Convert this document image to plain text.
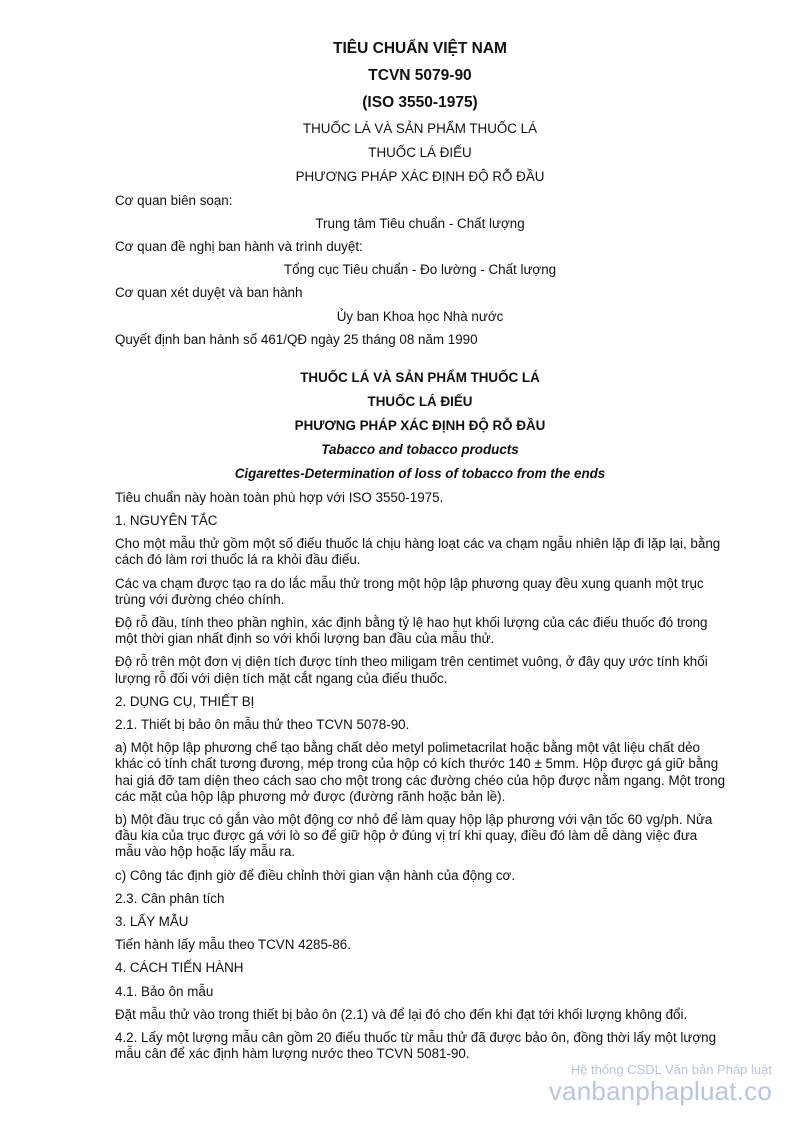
TIÊU CHUẨN VIỆT NAM
TCVN 5079-90
(ISO 3550-1975)
THUỐC LÁ VÀ SẢN PHẨM THUỐC LÁ
THUỐC LÁ ĐIẾU
PHƯƠNG PHÁP XÁC ĐỊNH ĐỘ RỖ ĐẦU

Cơ quan biên soạn:

Trung tâm Tiêu chuẩn - Chất lượng

Cơ quan đề nghị ban hành và trình duyệt:

Tổng cục Tiêu chuẩn - Đo lường - Chất lượng

Cơ quan xét duyệt và ban hành

Ủy ban Khoa học Nhà nước

Quyết định ban hành số 461/QĐ ngày 25 tháng 08 năm 1990

THUỐC LÁ VÀ SẢN PHẨM THUỐC LÁ
THUỐC LÁ ĐIẾU
PHƯƠNG PHÁP XÁC ĐỊNH ĐỘ RỖ ĐẦU
Tabacco and tobacco products
Cigarettes-Determination of loss of tobacco from the ends

Tiêu chuẩn này hoàn toàn phù hợp với ISO 3550-1975.

1. NGUYÊN TẮC

Cho một mẫu thử gồm một số điếu thuốc lá chịu hàng loạt các va chạm ngẫu nhiên lặp đi lặp lại, bằng cách đó làm rơi thuốc lá ra khỏi đầu điếu.

Các va chạm được tạo ra do lắc mẫu thử trong một hộp lập phương quay đều xung quanh một trục trùng với đường chéo chính.

Độ rỗ đầu, tính theo phần nghìn, xác định bằng tỷ lệ hao hụt khối lượng của các điếu thuốc đó trong một thời gian nhất định so với khối lượng ban đầu của mẫu thử.

Độ rỗ trên một đơn vị diện tích được tính theo miligam trên centimet vuông, ở đây quy ước tính khối lượng rỗ đối với diện tích mặt cắt ngang của điếu thuốc.

2. DỤNG CỤ, THIẾT BỊ

2.1. Thiết bị bảo ôn mẫu thử theo TCVN 5078-90.

a) Một hộp lập phương chế tạo bằng chất dẻo metyl polimetacrilat hoặc bằng một vật liệu chất dẻo khác có tính chất tương đương, mép trong của hộp có kích thước 140 ± 5mm. Hộp được gá giữ bằng hai giá đỡ tam diện theo cách sao cho một trong các đường chéo của hộp được nằm ngang. Một trong các mặt của hộp lập phương mở được (đường rãnh hoặc bản lề).

b) Một đầu trục có gắn vào một động cơ nhỏ để làm quay hộp lập phương với vận tốc 60 vg/ph. Nửa đầu kia của trục được gá với lò so để giữ hộp ở đúng vị trí khi quay, điều đó làm dễ dàng việc đưa mẫu vào hộp hoặc lấy mẫu ra.

c) Công tác định giờ để điều chỉnh thời gian vận hành của động cơ.

2.3. Cân phân tích

3. LẤY MẪU

Tiến hành lấy mẫu theo TCVN 4285-86.

4. CÁCH TIẾN HÀNH

4.1. Bảo ôn mẫu

Đặt mẫu thử vào trong thiết bị bảo ôn (2.1) và để lại đó cho đến khi đạt tới khối lượng không đổi.

4.2. Lấy một lượng mẫu cân gồm 20 điếu thuốc từ mẫu thử đã được bảo ôn, đồng thời lấy một lượng mẫu cân để xác định hàm lượng nước theo TCVN 5081-90.

Hệ thống CSDL Văn bản Pháp luật
vanbanphapluat.co
